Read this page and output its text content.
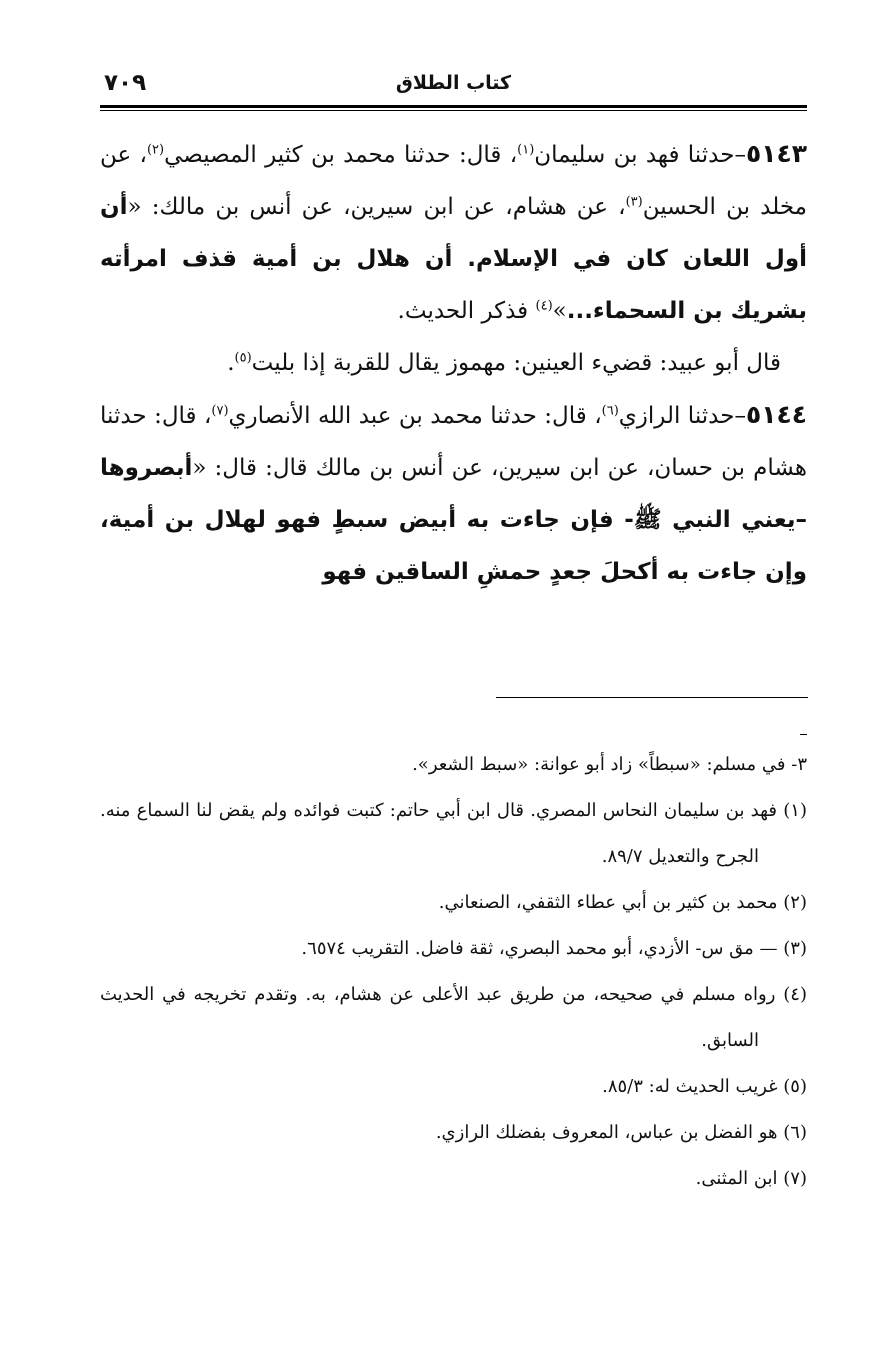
كتاب الطلاق
٧٠٩

٥١٤٣–حدثنا فهد بن سليمان$^{(١)}$، قال: حدثنا محمد بن كثير المصيصي$^{(٢)}$، عن مخلد بن الحسين$^{(٣)}$، عن هشام، عن ابن سيرين، عن أنس بن مالك: «أن أول اللعان كان في الإسلام. أن هلال بن أمية قذف امرأته بشريك بن السحماء...»$^{(٤)}$ فذكر الحديث.

قال أبو عبيد: قضيء العينين: مهموز يقال للقربة إذا بليت$^{(٥)}$.

٥١٤٤–حدثنا الرازي$^{(٦)}$، قال: حدثنا محمد بن عبد الله الأنصاري$^{(٧)}$، قال: حدثنا هشام بن حسان، عن ابن سيرين، عن أنس بن مالك قال: قال: «أبصروها –يعني النبي ﷺ- فإن جاءت به أبيض سبطٍ فهو لهلال بن أمية، وإن جاءت به أكحلَ جعدٍ حمشِ الساقين فهو

٣- في مسلم: «سبطاً» زاد أبو عوانة: «سبط الشعر».

(١) فهد بن سليمان النحاس المصري. قال ابن أبي حاتم: كتبت فوائده ولم يقض لنا السماع منه. الجرح والتعديل ٨٩/٧.

(٢) محمد بن كثير بن أبي عطاء الثقفي، الصنعاني.

(٣) — مق س- الأزدي، أبو محمد البصري، ثقة فاضل. التقريب ٦٥٧٤.

(٤) رواه مسلم في صحيحه، من طريق عبد الأعلى عن هشام، به. وتقدم تخريجه في الحديث السابق.

(٥) غريب الحديث له: ٨٥/٣.

(٦) هو الفضل بن عباس، المعروف بفضلك الرازي.

(٧) ابن المثنى.
